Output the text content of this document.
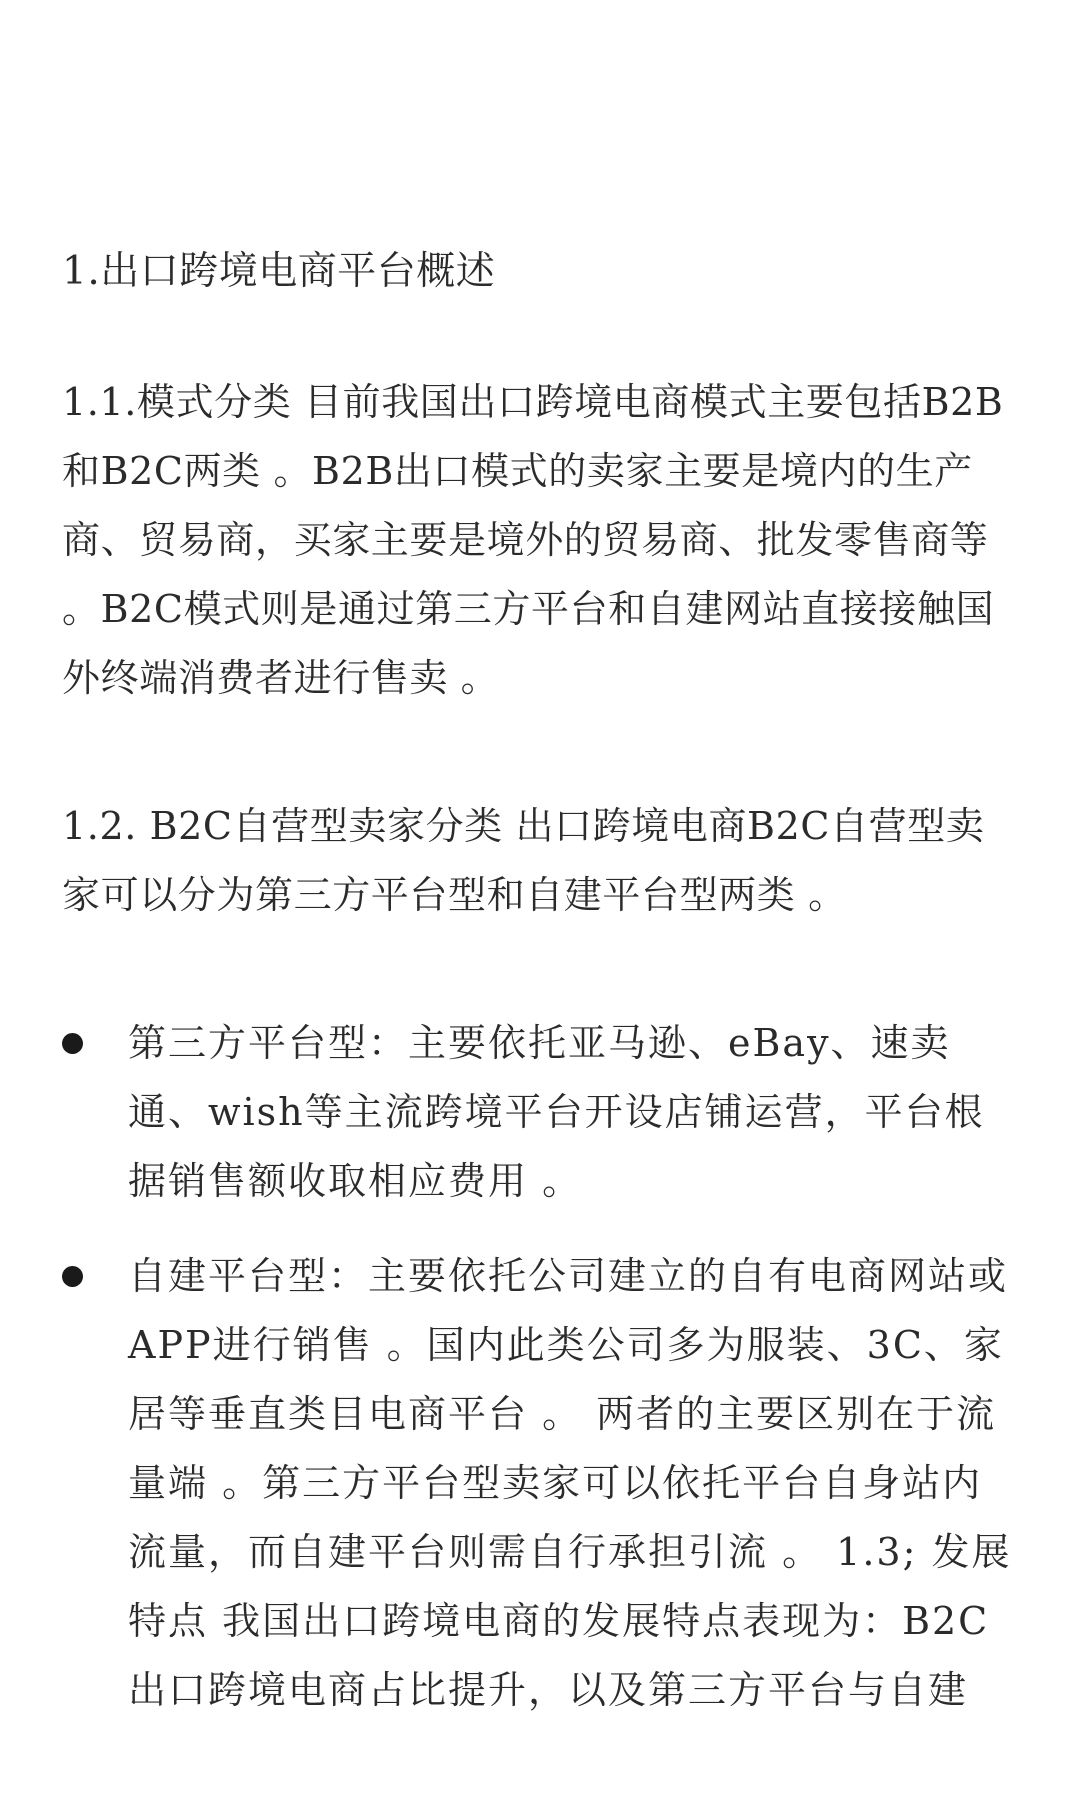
1.出口跨境电商平台概述

1.1.模式分类 目前我国出口跨境电商模式主要包括B2B和B2C两类 。B2B出口模式的卖家主要是境内的生产商、贸易商，买家主要是境外的贸易商、批发零售商等 。B2C模式则是通过第三方平台和自建网站直接接触国外终端消费者进行售卖 。

1.2. B2C自营型卖家分类 出口跨境电商B2C自营型卖家可以分为第三方平台型和自建平台型两类 。

第三方平台型：主要依托亚马逊、eBay、速卖通、wish等主流跨境平台开设店铺运营，平台根据销售额收取相应费用 。
自建平台型：主要依托公司建立的自有电商网站或APP进行销售 。国内此类公司多为服装、3C、家居等垂直类目电商平台 。 两者的主要区别在于流量端 。第三方平台型卖家可以依托平台自身站内流量，而自建平台则需自行承担引流 。 1.3; 发展特点 我国出口跨境电商的发展特点表现为：B2C出口跨境电商占比提升，以及第三方平台与自建
